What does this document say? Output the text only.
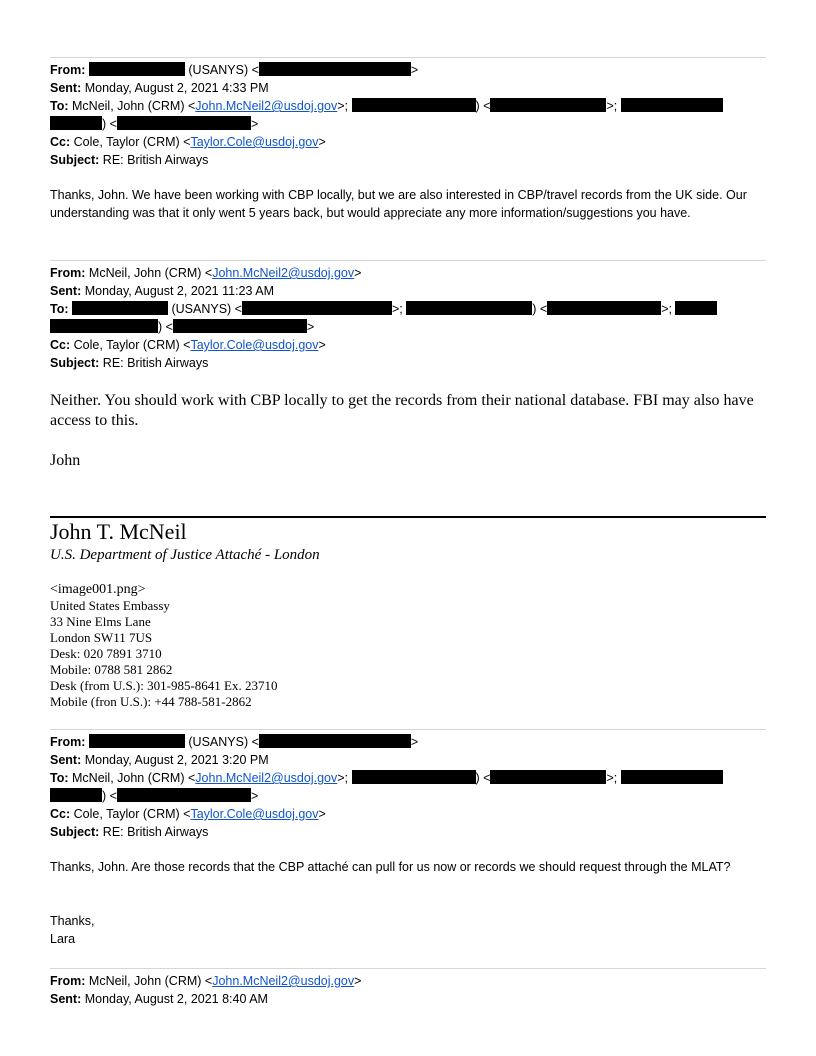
From:	(USANYS) <	>
Sent: Monday, August 2, 2021 4:33 PM
To: McNeil, John (CRM) <John.McNeil2@usdoj.gov>;	) <	>;
) <	>
Cc: Cole, Taylor (CRM) <Taylor.Cole@usdoj.gov>
Subject: RE: British Airways
Thanks, John. We have been working with CBP locally, but we are also interested in CBP/travel records from the UK side. Our understanding was that it only went 5 years back, but would appreciate any more information/suggestions you have.
From: McNeil, John (CRM) <John.McNeil2@usdoj.gov>
Sent: Monday, August 2, 2021 11:23 AM
To:	(USANYS) <	>;	) <	>;
) <	>
Cc: Cole, Taylor (CRM) <Taylor.Cole@usdoj.gov>
Subject: RE: British Airways
Neither. You should work with CBP locally to get the records from their national database. FBI may also have access to this.
John
John T. McNeil
U.S. Department of Justice Attaché - London
<image001.png>
United States Embassy
33 Nine Elms Lane
London SW11 7US
Desk: 020 7891 3710
Mobile: 0788 581 2862
Desk (from U.S.): 301-985-8641 Ex. 23710
Mobile (fron U.S.): +44 788-581-2862
From:	(USANYS) <	>
Sent: Monday, August 2, 2021 3:20 PM
To: McNeil, John (CRM) <John.McNeil2@usdoj.gov>;	) <	>;
) <	>
Cc: Cole, Taylor (CRM) <Taylor.Cole@usdoj.gov>
Subject: RE: British Airways
Thanks, John. Are those records that the CBP attaché can pull for us now or records we should request through the MLAT?
Thanks,
Lara
From: McNeil, John (CRM) <John.McNeil2@usdoj.gov>
Sent: Monday, August 2, 2021 8:40 AM
